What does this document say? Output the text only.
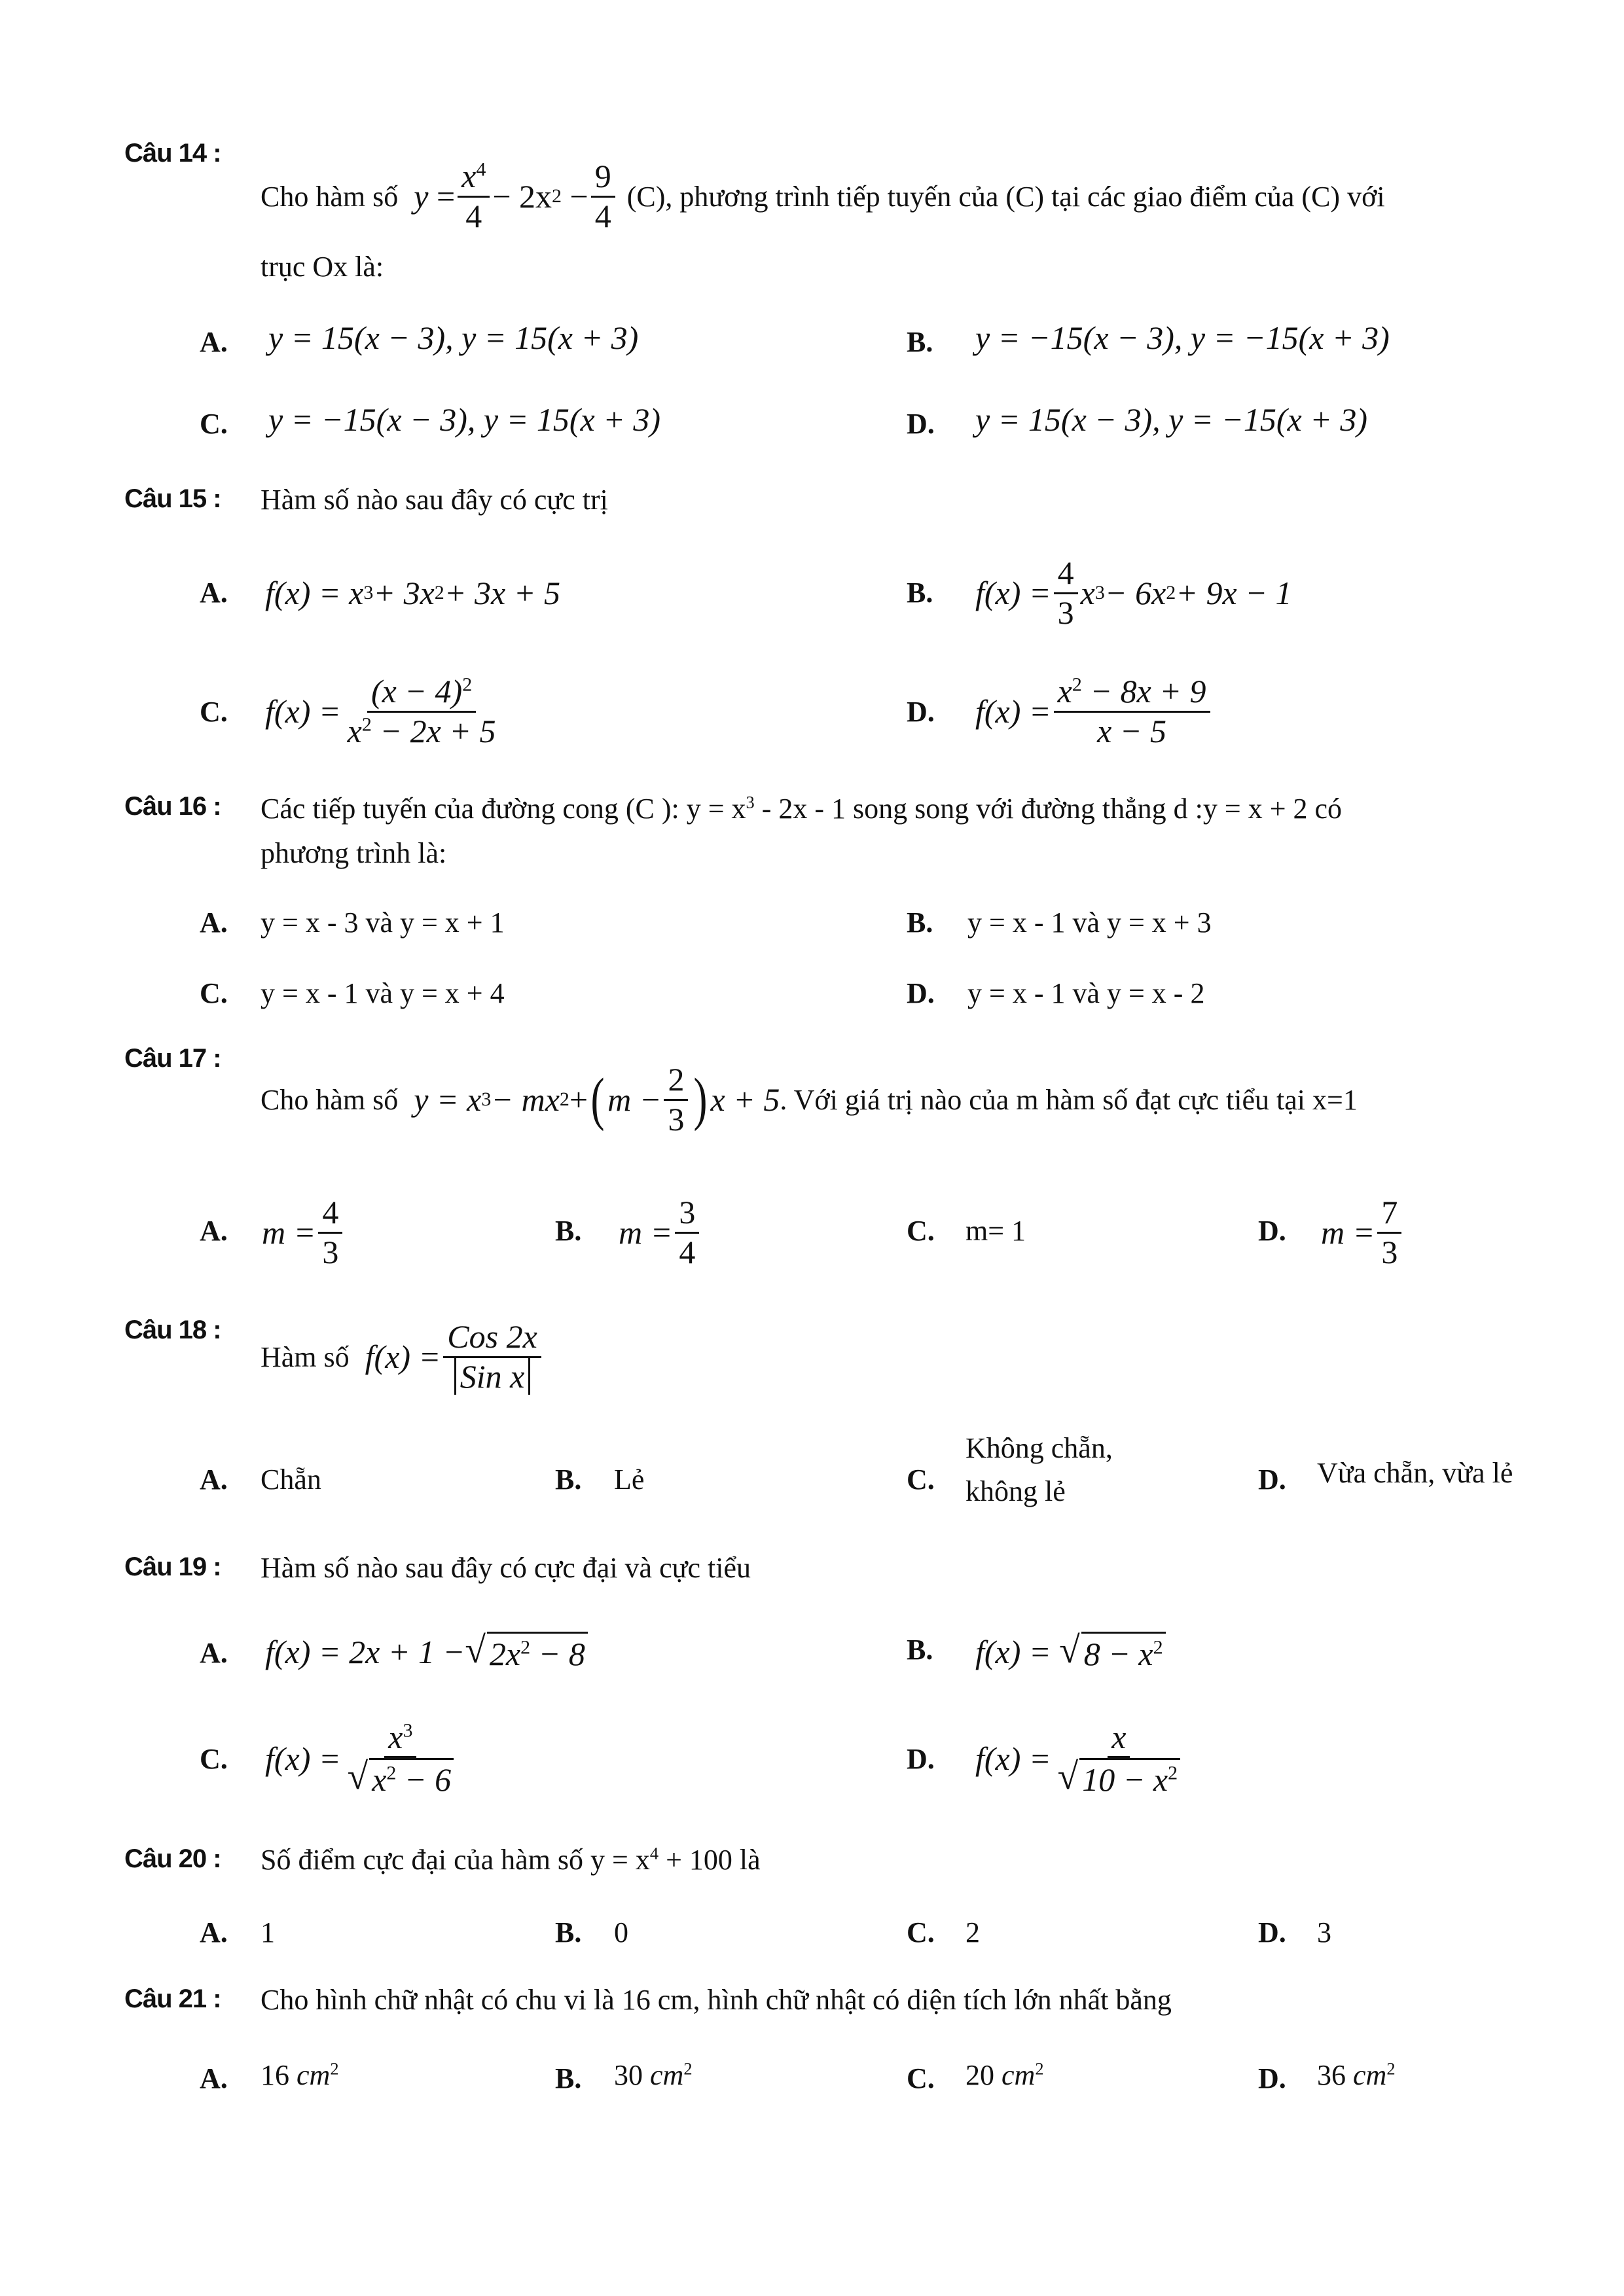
Câu 14 :
Cho hàm số y
= $\frac{x^4}{4} - 2x$ 2
− $\frac{9}{4} (C)$, phương trình tiếp tuyến của (C) tại các giao điểm của (C) với
trục Ox là:
A. y = 15(x − 3), y = 15(x + 3)	B. y = −15(x − 3), y = −15(x + 3)
C. y = −15(x − 3), y = 15(x + 3)	D. y = 15(x − 3), y = −15(x + 3)
Câu 15 : Hàm số nào sau đây có cực trị
A. f(x) = x 3 + 3x 2 + 3x + 5	B. $f(x) = \frac{4}{3}$ x 3 − 6x 2 + 9x − 1
C. $f(x) = \frac{(x - 4)^2}{x^2 - 2x + 5}$	D. $f(x) = \frac{x^2 - 8x + 9}{x - 5}$
Câu 16 : Các tiếp tuyến của đường cong (C ): $y = x^3 - 2x - 1$ song song với đường thẳng d :y = x + 2 có
phương trình là:
A. y = x - 3 và y = x + 1	B. y = x - 1 và y = x + 3
C. y = x - 1 và y = x + 4	D. y = x - 1 và y = x - 2
Câu 17 :
Cho hàm số y = x 3 − mx 2 + ( $m - \frac{2}{3}$ ) x + 5 . Với giá trị nào của m hàm số đạt cực tiểu tại x=1
A. $m = \frac{4}{3}$	B. $m = \frac{3}{4}$	C. m= 1	D. $m = \frac{7}{3}$
Câu 18 :
Hàm số $f(x) = \frac{\text{Cos 2x}}{\text{Sin x}}$
A. Chẵn	B. Lẻ	C.
Không chẵn,
không lẻ	D. Vừa chẵn, vừa lẻ
Câu 19 : Hàm số nào sau đây có cực đại và cực tiểu
A. f(x) = 2x + 1 − √ $2x^2 - 8$	B. f(x) =
√ $8 - x^2$
C. $f(x) = \frac{x^3}{√ x^2 - 6}$	D. $f(x) = \frac{x}{√ 10 - x^2}$
Câu 20 : Số điểm cực đại của hàm số $y = x^4 + 100$ là
A. 1	B. 0	C. 2	D. 3
Câu 21 : Cho hình chữ nhật có chu vi là 16 cm, hình chữ nhật có diện tích lớn nhất bằng
A. 16 $cm^2$	B. 30 $cm^2$	C. 20 $cm^2$	D. 36 $cm^2$
